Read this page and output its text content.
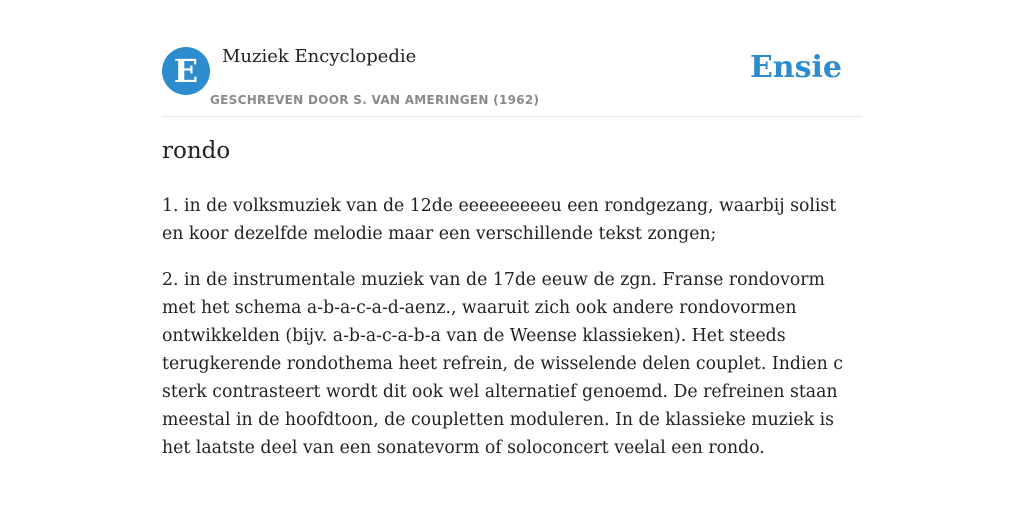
E	Muziek Encyclopedie
GESCHREVEN DOOR S. VAN AMERINGEN (1962)
Ensie
rondo

1. in de volksmuziek van de 12de eeeeeeeeeu een rondgezang, waarbij solist en koor dezelfde melodie maar een verschillende tekst zongen;

2. in de instrumentale muziek van de 17de eeuw de zgn. Franse rondovorm met het schema a-b-a-c-a-d-aenz., waaruit zich ook andere rondovormen ontwikkelden (bijv. a-b-a-c-a-b-a van de Weense klassieken). Het steeds terugkerende rondothema heet refrein, de wisselende delen couplet. Indien c sterk contrasteert wordt dit ook wel alternatief genoemd. De refreinen staan meestal in de hoofdtoon, de coupletten moduleren. In de klassieke muziek is het laatste deel van een sonatevorm of soloconcert veelal een rondo.
